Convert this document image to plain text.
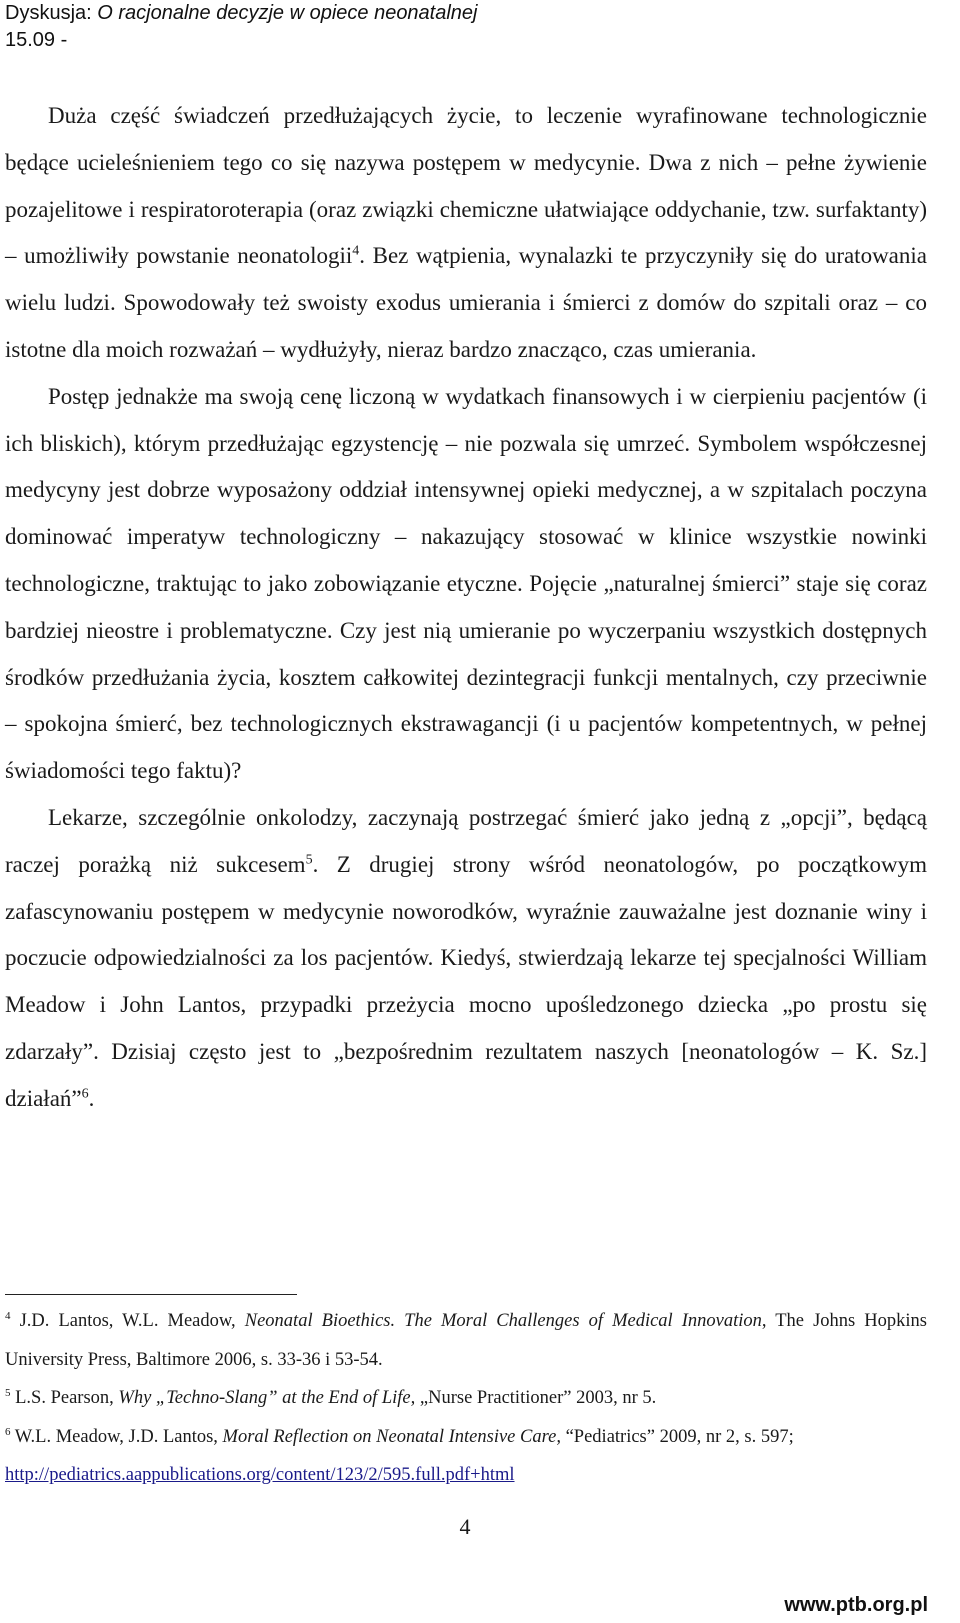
Dyskusja: O racjonalne decyzje w opiece neonatalnej
15.09 -

Duża część świadczeń przedłużających życie, to leczenie wyrafinowane technologicznie będące ucieleśnieniem tego co się nazywa postępem w medycynie. Dwa z nich – pełne żywienie pozajelitowe i respiratoroterapia (oraz związki chemiczne ułatwiające oddychanie, tzw. surfaktanty) – umożliwiły powstanie neonatologii$^4$. Bez wątpienia, wynalazki te przyczyniły się do uratowania wielu ludzi. Spowodowały też swoisty exodus umierania i śmierci z domów do szpitali oraz – co istotne dla moich rozważań – wydłużyły, nieraz bardzo znacząco, czas umierania.

Postęp jednakże ma swoją cenę liczoną w wydatkach finansowych i w cierpieniu pacjentów (i ich bliskich), którym przedłużając egzystencję – nie pozwala się umrzeć. Symbolem współczesnej medycyny jest dobrze wyposażony oddział intensywnej opieki medycznej, a w szpitalach poczyna dominować imperatyw technologiczny – nakazujący stosować w klinice wszystkie nowinki technologiczne, traktując to jako zobowiązanie etyczne. Pojęcie „naturalnej śmierci” staje się coraz bardziej nieostre i problematyczne. Czy jest nią umieranie po wyczerpaniu wszystkich dostępnych środków przedłużania życia, kosztem całkowitej dezintegracji funkcji mentalnych, czy przeciwnie – spokojna śmierć, bez technologicznych ekstrawagancji (i u pacjentów kompetentnych, w pełnej świadomości tego faktu)?

Lekarze, szczególnie onkolodzy, zaczynają postrzegać śmierć jako jedną z „opcji”, będącą raczej porażką niż sukcesem$^5$. Z drugiej strony wśród neonatologów, po początkowym zafascynowaniu postępem w medycynie noworodków, wyraźnie zauważalne jest doznanie winy i poczucie odpowiedzialności za los pacjentów. Kiedyś, stwierdzają lekarze tej specjalności William Meadow i John Lantos, przypadki przeżycia mocno upośledzonego dziecka „po prostu się zdarzały”. Dzisiaj często jest to „bezpośrednim rezultatem naszych [neonatologów – K. Sz.] działań”$^6$.

$^4$ J.D. Lantos, W.L. Meadow, Neonatal Bioethics. The Moral Challenges of Medical Innovation, The Johns Hopkins University Press, Baltimore 2006, s. 33-36 i 53-54.

$^5$ L.S. Pearson, Why „Techno-Slang” at the End of Life, „Nurse Practitioner” 2003, nr 5.

$^6$ W.L. Meadow, J.D. Lantos, Moral Reflection on Neonatal Intensive Care, “Pediatrics” 2009, nr 2, s. 597;
http://pediatrics.aappublications.org/content/123/2/595.full.pdf+html

4
www.ptb.org.pl
